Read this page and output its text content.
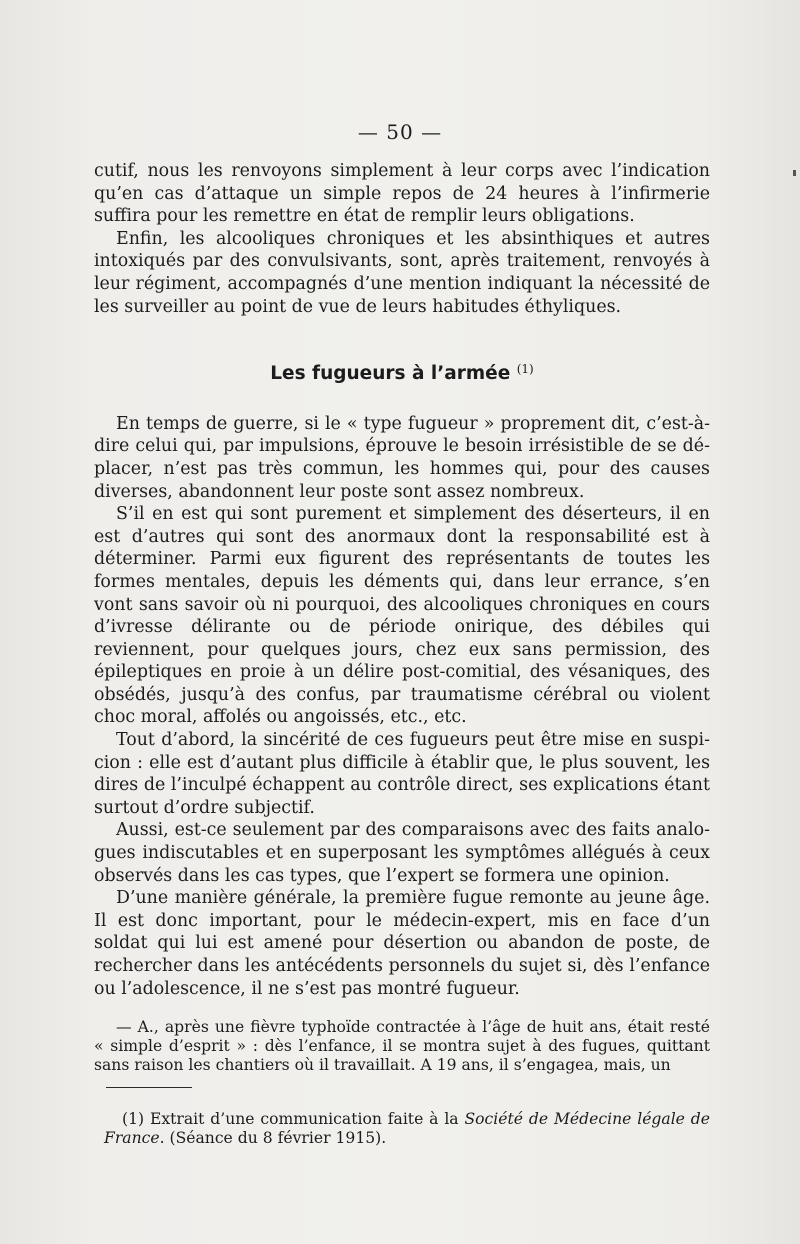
— 50 —

cutif, nous les renvoyons simplement à leur corps avec l’indication qu’en cas d’attaque un simple repos de 24 heures à l’infirmerie suffira pour les remettre en état de remplir leurs obligations.

Enfin, les alcooliques chroniques et les absinthiques et autres intoxiqués par des convulsivants, sont, après traitement, renvoyés à leur régiment, accompagnés d’une mention indiquant la nécessité de les surveiller au point de vue de leurs habitudes éthyliques.

Les fugueurs à l’armée $^{(1)}$

En temps de guerre, si le « type fugueur » proprement dit, c’est-à-dire celui qui, par impulsions, éprouve le besoin irrésistible de se déplacer, n’est pas très commun, les hommes qui, pour des causes diverses, abandonnent leur poste sont assez nombreux.

S’il en est qui sont purement et simplement des déserteurs, il en est d’autres qui sont des anormaux dont la responsabilité est à déterminer. Parmi eux figurent des représentants de toutes les formes mentales, depuis les déments qui, dans leur errance, s’en vont sans savoir où ni pourquoi, des alcooliques chroniques en cours d’ivresse délirante ou de période onirique, des débiles qui reviennent, pour quelques jours, chez eux sans permission, des épileptiques en proie à un délire post-comitial, des vésaniques, des obsédés, jusqu’à des confus, par traumatisme cérébral ou violent choc moral, affolés ou angoissés, etc., etc.

Tout d’abord, la sincérité de ces fugueurs peut être mise en suspicion : elle est d’autant plus difficile à établir que, le plus souvent, les dires de l’inculpé échappent au contrôle direct, ses explications étant surtout d’ordre subjectif.

Aussi, est-ce seulement par des comparaisons avec des faits analogues indiscutables et en superposant les symptômes allégués à ceux observés dans les cas types, que l’expert se formera une opinion.

D’une manière générale, la première fugue remonte au jeune âge. Il est donc important, pour le médecin-expert, mis en face d’un soldat qui lui est amené pour désertion ou abandon de poste, de rechercher dans les antécédents personnels du sujet si, dès l’enfance ou l’adolescence, il ne s’est pas montré fugueur.

— A., après une fièvre typhoïde contractée à l’âge de huit ans, était resté « simple d’esprit » : dès l’enfance, il se montra sujet à des fugues, quittant sans raison les chantiers où il travaillait. A 19 ans, il s’engagea, mais, un

(1) Extrait d’une communication faite à la Société de Médecine légale de France. (Séance du 8 février 1915).
